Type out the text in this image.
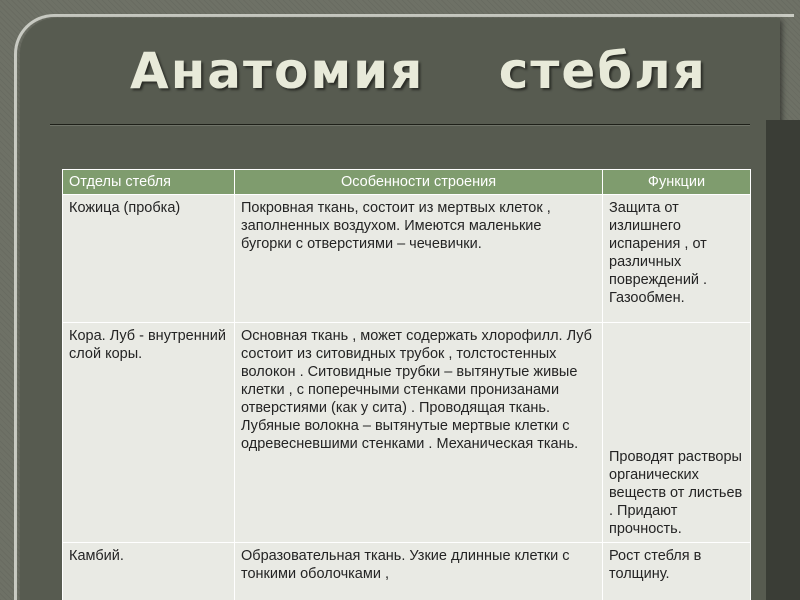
Анатомия стебля
Отделы стебля	Особенности строения	Функции
Кожица (пробка)	Покровная ткань, состоит из мертвых клеток , заполненных воздухом. Имеются маленькие бугорки с отверстиями – чечевички.	Защита от излишнего испарения , от различных повреждений . Газообмен.
Кора. Луб - внутренний слой коры.	Основная ткань , может содержать хлорофилл. Луб состоит из ситовидных трубок , толстостенных волокон . Ситовидные трубки – вытянутые живые клетки , с поперечными стенками пронизанами отверстиями (как у сита) . Проводящая ткань. Лубяные волокна – вытянутые мертвые клетки с одревесневшими стенками . Механическая ткань.	Проводят растворы органических веществ от листьев . Придают прочность.
Камбий.	Образовательная ткань. Узкие длинные клетки с тонкими оболочками ,	Рост стебля в толщину.
